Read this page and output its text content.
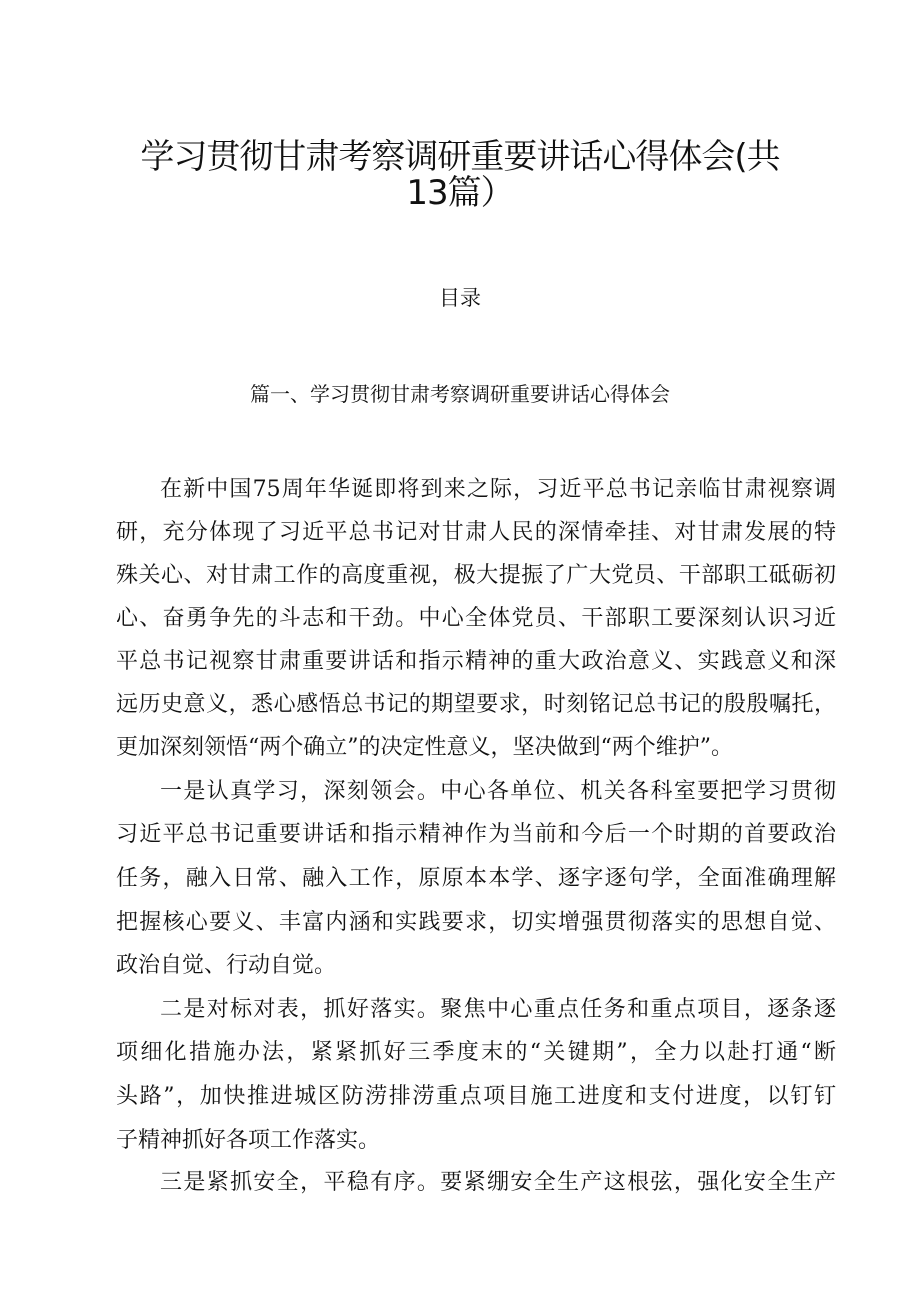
学习贯彻甘肃考察调研重要讲话心得体会(共
13篇）
目录
篇一、学习贯彻甘肃考察调研重要讲话心得体会
在新中国75周年华诞即将到来之际，习近平总书记亲临甘肃视察调
研，充分体现了习近平总书记对甘肃人民的深情牵挂、对甘肃发展的特
殊关心、对甘肃工作的高度重视，极大提振了广大党员、干部职工砥砺初
心、奋勇争先的斗志和干劲。中心全体党员、干部职工要深刻认识习近
平总书记视察甘肃重要讲话和指示精神的重大政治意义、实践意义和深
远历史意义，悉心感悟总书记的期望要求，时刻铭记总书记的殷殷嘱托，
更加深刻领悟“两个确立”的决定性意义，坚决做到“两个维护”。
一是认真学习，深刻领会。中心各单位、机关各科室要把学习贯彻
习近平总书记重要讲话和指示精神作为当前和今后一个时期的首要政治
任务，融入日常、融入工作，原原本本学、逐字逐句学，全面准确理解
把握核心要义、丰富内涵和实践要求，切实增强贯彻落实的思想自觉、
政治自觉、行动自觉。
二是对标对表，抓好落实。聚焦中心重点任务和重点项目，逐条逐
项细化措施办法，紧紧抓好三季度末的“关键期”，全力以赴打通“断
头路”，加快推进城区防涝排涝重点项目施工进度和支付进度，以钉钉
子精神抓好各项工作落实。
三是紧抓安全，平稳有序。要紧绷安全生产这根弦，强化安全生产
